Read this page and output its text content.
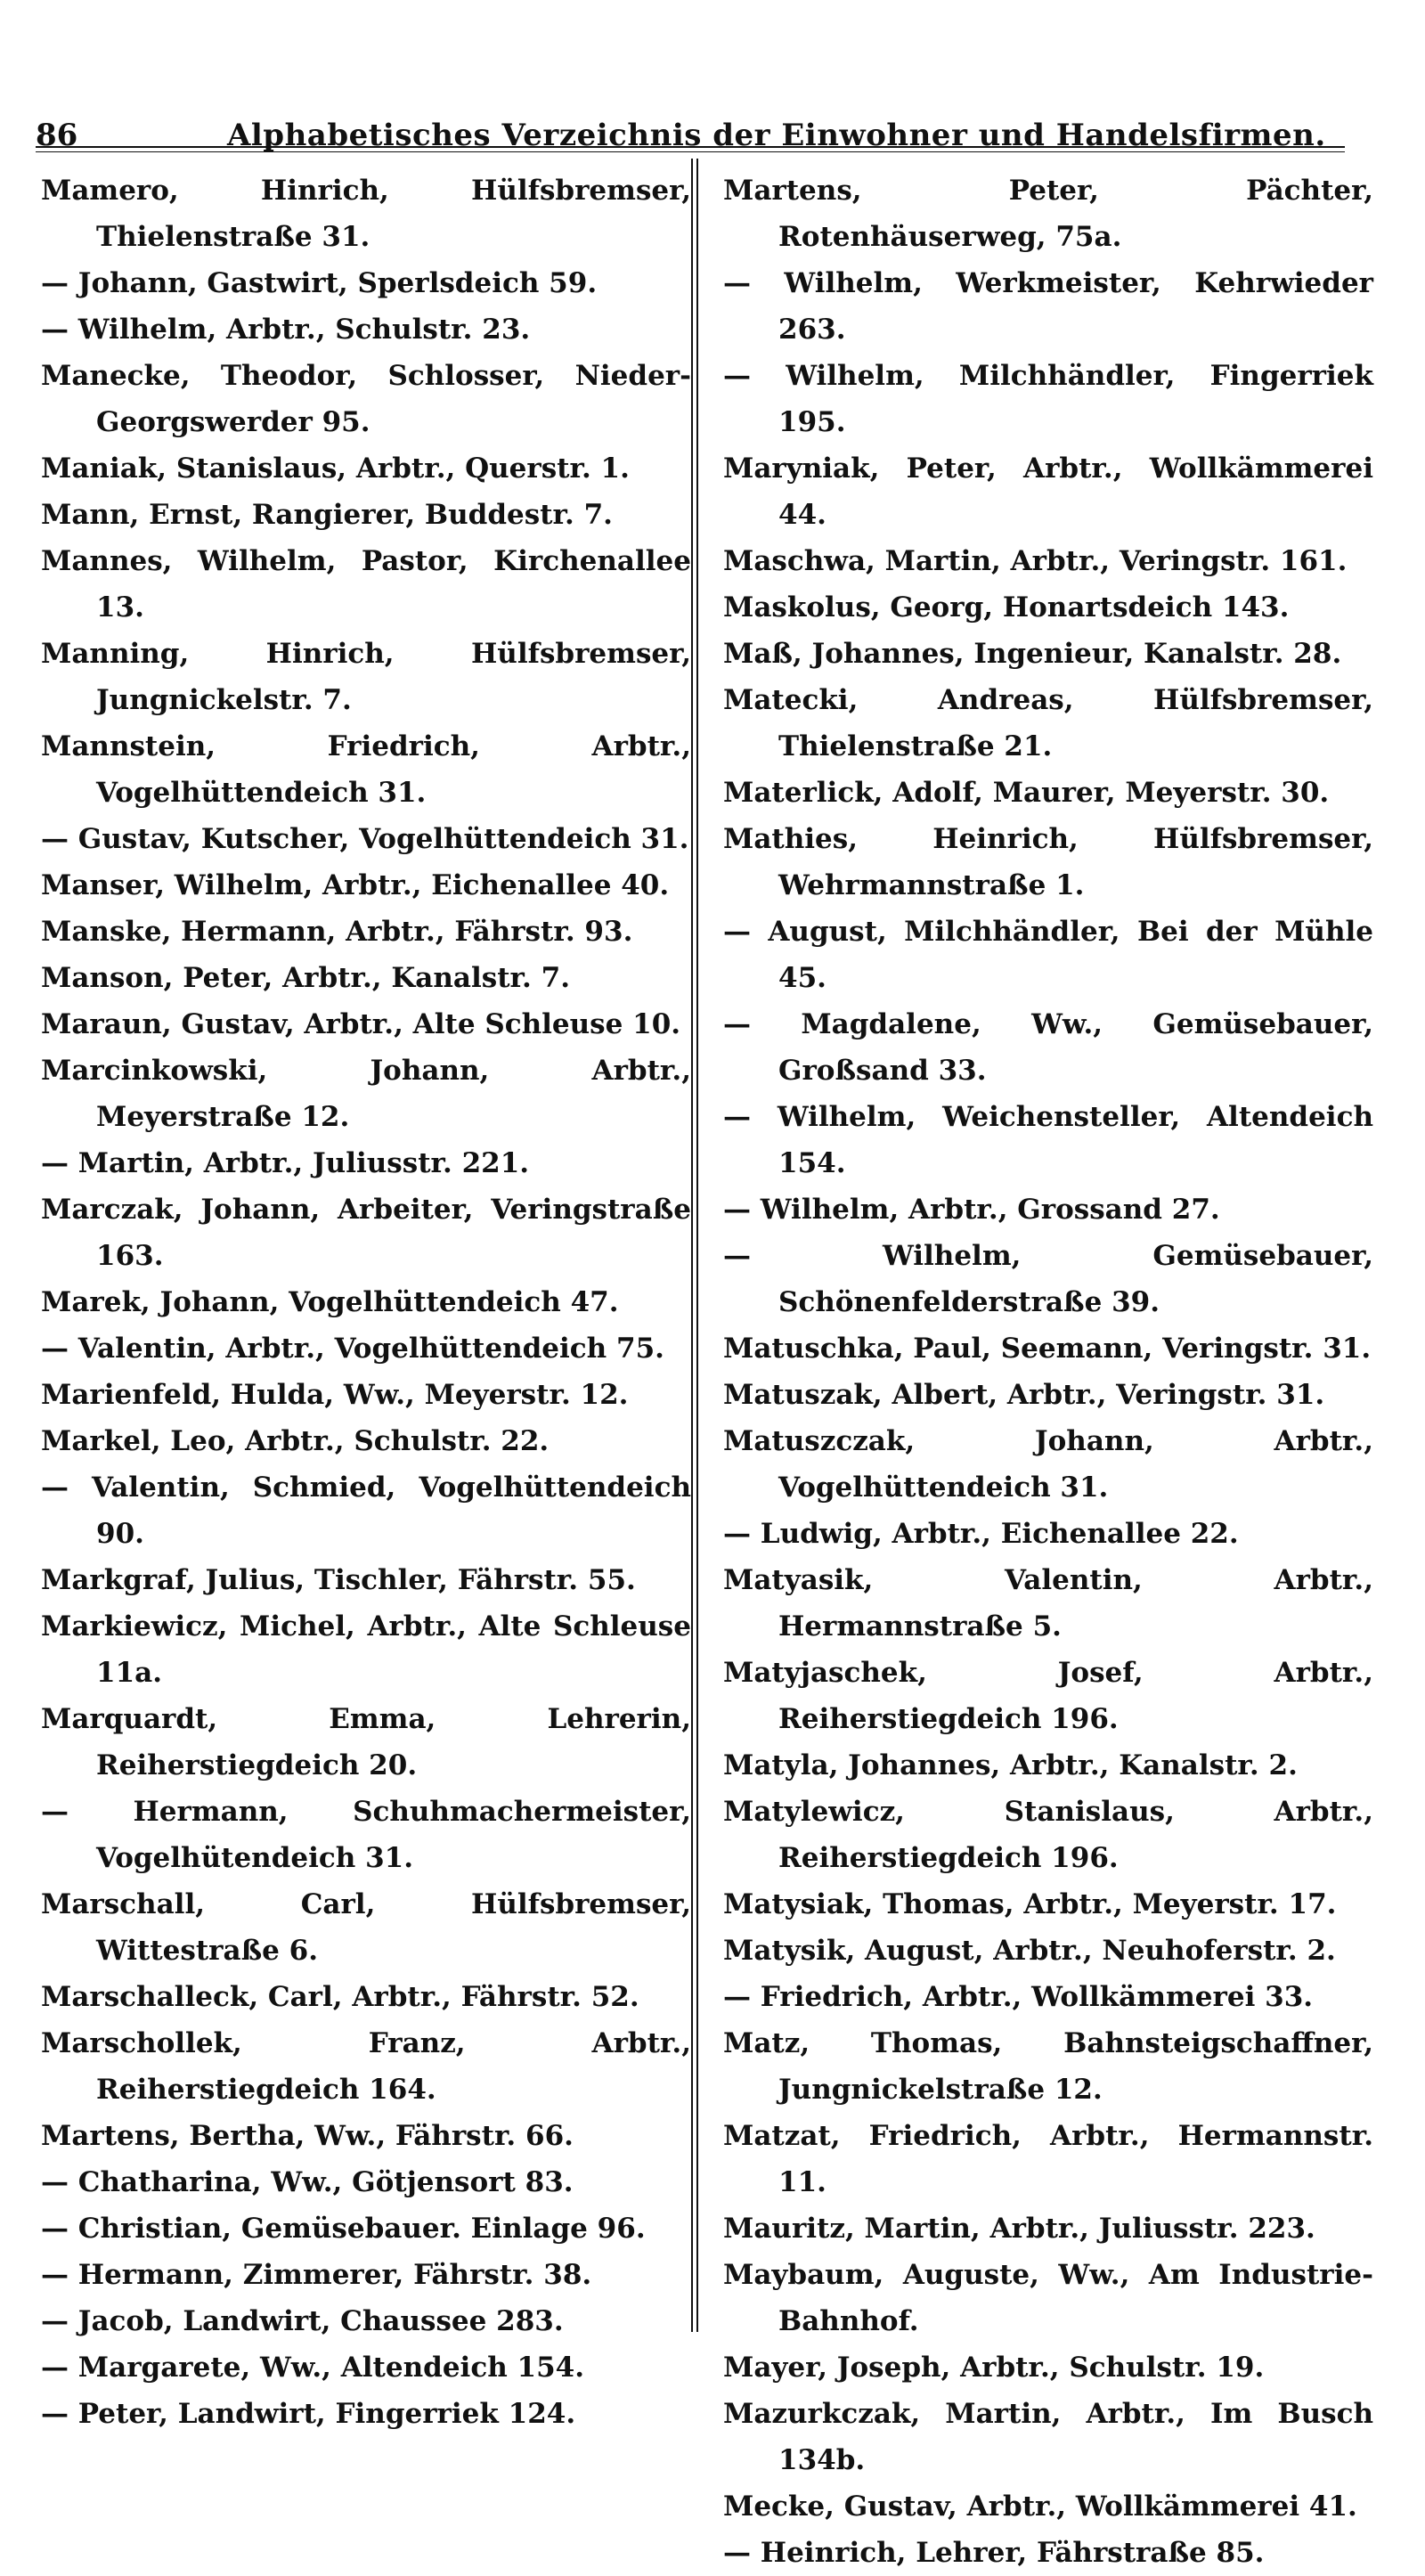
86	Alphabetisches Verzeichnis der Einwohner und Handelsfirmen.
Mamero, Hinrich, Hülfsbremser, Thielenstraße 31.
— Johann, Gastwirt, Sperlsdeich 59.
— Wilhelm, Arbtr., Schulstr. 23.
Manecke, Theodor, Schlosser, Nieder-Georgswerder 95.
Maniak, Stanislaus, Arbtr., Querstr. 1.
Mann, Ernst, Rangierer, Buddestr. 7.
Mannes, Wilhelm, Pastor, Kirchenallee 13.
Manning, Hinrich, Hülfsbremser, Jungnickelstr. 7.
Mannstein, Friedrich, Arbtr., Vogelhüttendeich 31.
— Gustav, Kutscher, Vogelhüttendeich 31.
Manser, Wilhelm, Arbtr., Eichenallee 40.
Manske, Hermann, Arbtr., Fährstr. 93.
Manson, Peter, Arbtr., Kanalstr. 7.
Maraun, Gustav, Arbtr., Alte Schleuse 10.
Marcinkowski, Johann, Arbtr., Meyerstraße 12.
— Martin, Arbtr., Juliusstr. 221.
Marczak, Johann, Arbeiter, Veringstraße 163.
Marek, Johann, Vogelhüttendeich 47.
— Valentin, Arbtr., Vogelhüttendeich 75.
Marienfeld, Hulda, Ww., Meyerstr. 12.
Markel, Leo, Arbtr., Schulstr. 22.
— Valentin, Schmied, Vogelhüttendeich 90.
Markgraf, Julius, Tischler, Fährstr. 55.
Markiewicz, Michel, Arbtr., Alte Schleuse 11a.
Marquardt, Emma, Lehrerin, Reiherstiegdeich 20.
— Hermann, Schuhmachermeister, Vogelhütendeich 31.
Marschall, Carl, Hülfsbremser, Wittestraße 6.
Marschalleck, Carl, Arbtr., Fährstr. 52.
Marschollek, Franz, Arbtr., Reiherstiegdeich 164.
Martens, Bertha, Ww., Fährstr. 66.
— Chatharina, Ww., Götjensort 83.
— Christian, Gemüsebauer. Einlage 96.
— Hermann, Zimmerer, Fährstr. 38.
— Jacob, Landwirt, Chaussee 283.
— Margarete, Ww., Altendeich 154.
— Peter, Landwirt, Fingerriek 124.
Martens, Peter, Pächter, Rotenhäuserweg, 75a.
— Wilhelm, Werkmeister, Kehrwieder 263.
— Wilhelm, Milchhändler, Fingerriek 195.
Maryniak, Peter, Arbtr., Wollkämmerei 44.
Maschwa, Martin, Arbtr., Veringstr. 161.
Maskolus, Georg, Honartsdeich 143.
Maß, Johannes, Ingenieur, Kanalstr. 28.
Matecki, Andreas, Hülfsbremser, Thielenstraße 21.
Materlick, Adolf, Maurer, Meyerstr. 30.
Mathies, Heinrich, Hülfsbremser, Wehrmannstraße 1.
— August, Milchhändler, Bei der Mühle 45.
— Magdalene, Ww., Gemüsebauer, Großsand 33.
— Wilhelm, Weichensteller, Altendeich 154.
— Wilhelm, Arbtr., Grossand 27.
— Wilhelm, Gemüsebauer, Schönenfelderstraße 39.
Matuschka, Paul, Seemann, Veringstr. 31.
Matuszak, Albert, Arbtr., Veringstr. 31.
Matuszczak, Johann, Arbtr., Vogelhüttendeich 31.
— Ludwig, Arbtr., Eichenallee 22.
Matyasik, Valentin, Arbtr., Hermannstraße 5.
Matyjaschek, Josef, Arbtr., Reiherstiegdeich 196.
Matyla, Johannes, Arbtr., Kanalstr. 2.
Matylewicz, Stanislaus, Arbtr., Reiherstiegdeich 196.
Matysiak, Thomas, Arbtr., Meyerstr. 17.
Matysik, August, Arbtr., Neuhoferstr. 2.
— Friedrich, Arbtr., Wollkämmerei 33.
Matz, Thomas, Bahnsteigschaffner, Jungnickelstraße 12.
Matzat, Friedrich, Arbtr., Hermannstr. 11.
Mauritz, Martin, Arbtr., Juliusstr. 223.
Maybaum, Auguste, Ww., Am Industrie-Bahnhof.
Mayer, Joseph, Arbtr., Schulstr. 19.
Mazurkczak, Martin, Arbtr., Im Busch 134b.
Mecke, Gustav, Arbtr., Wollkämmerei 41.
— Heinrich, Lehrer, Fährstraße 85.
